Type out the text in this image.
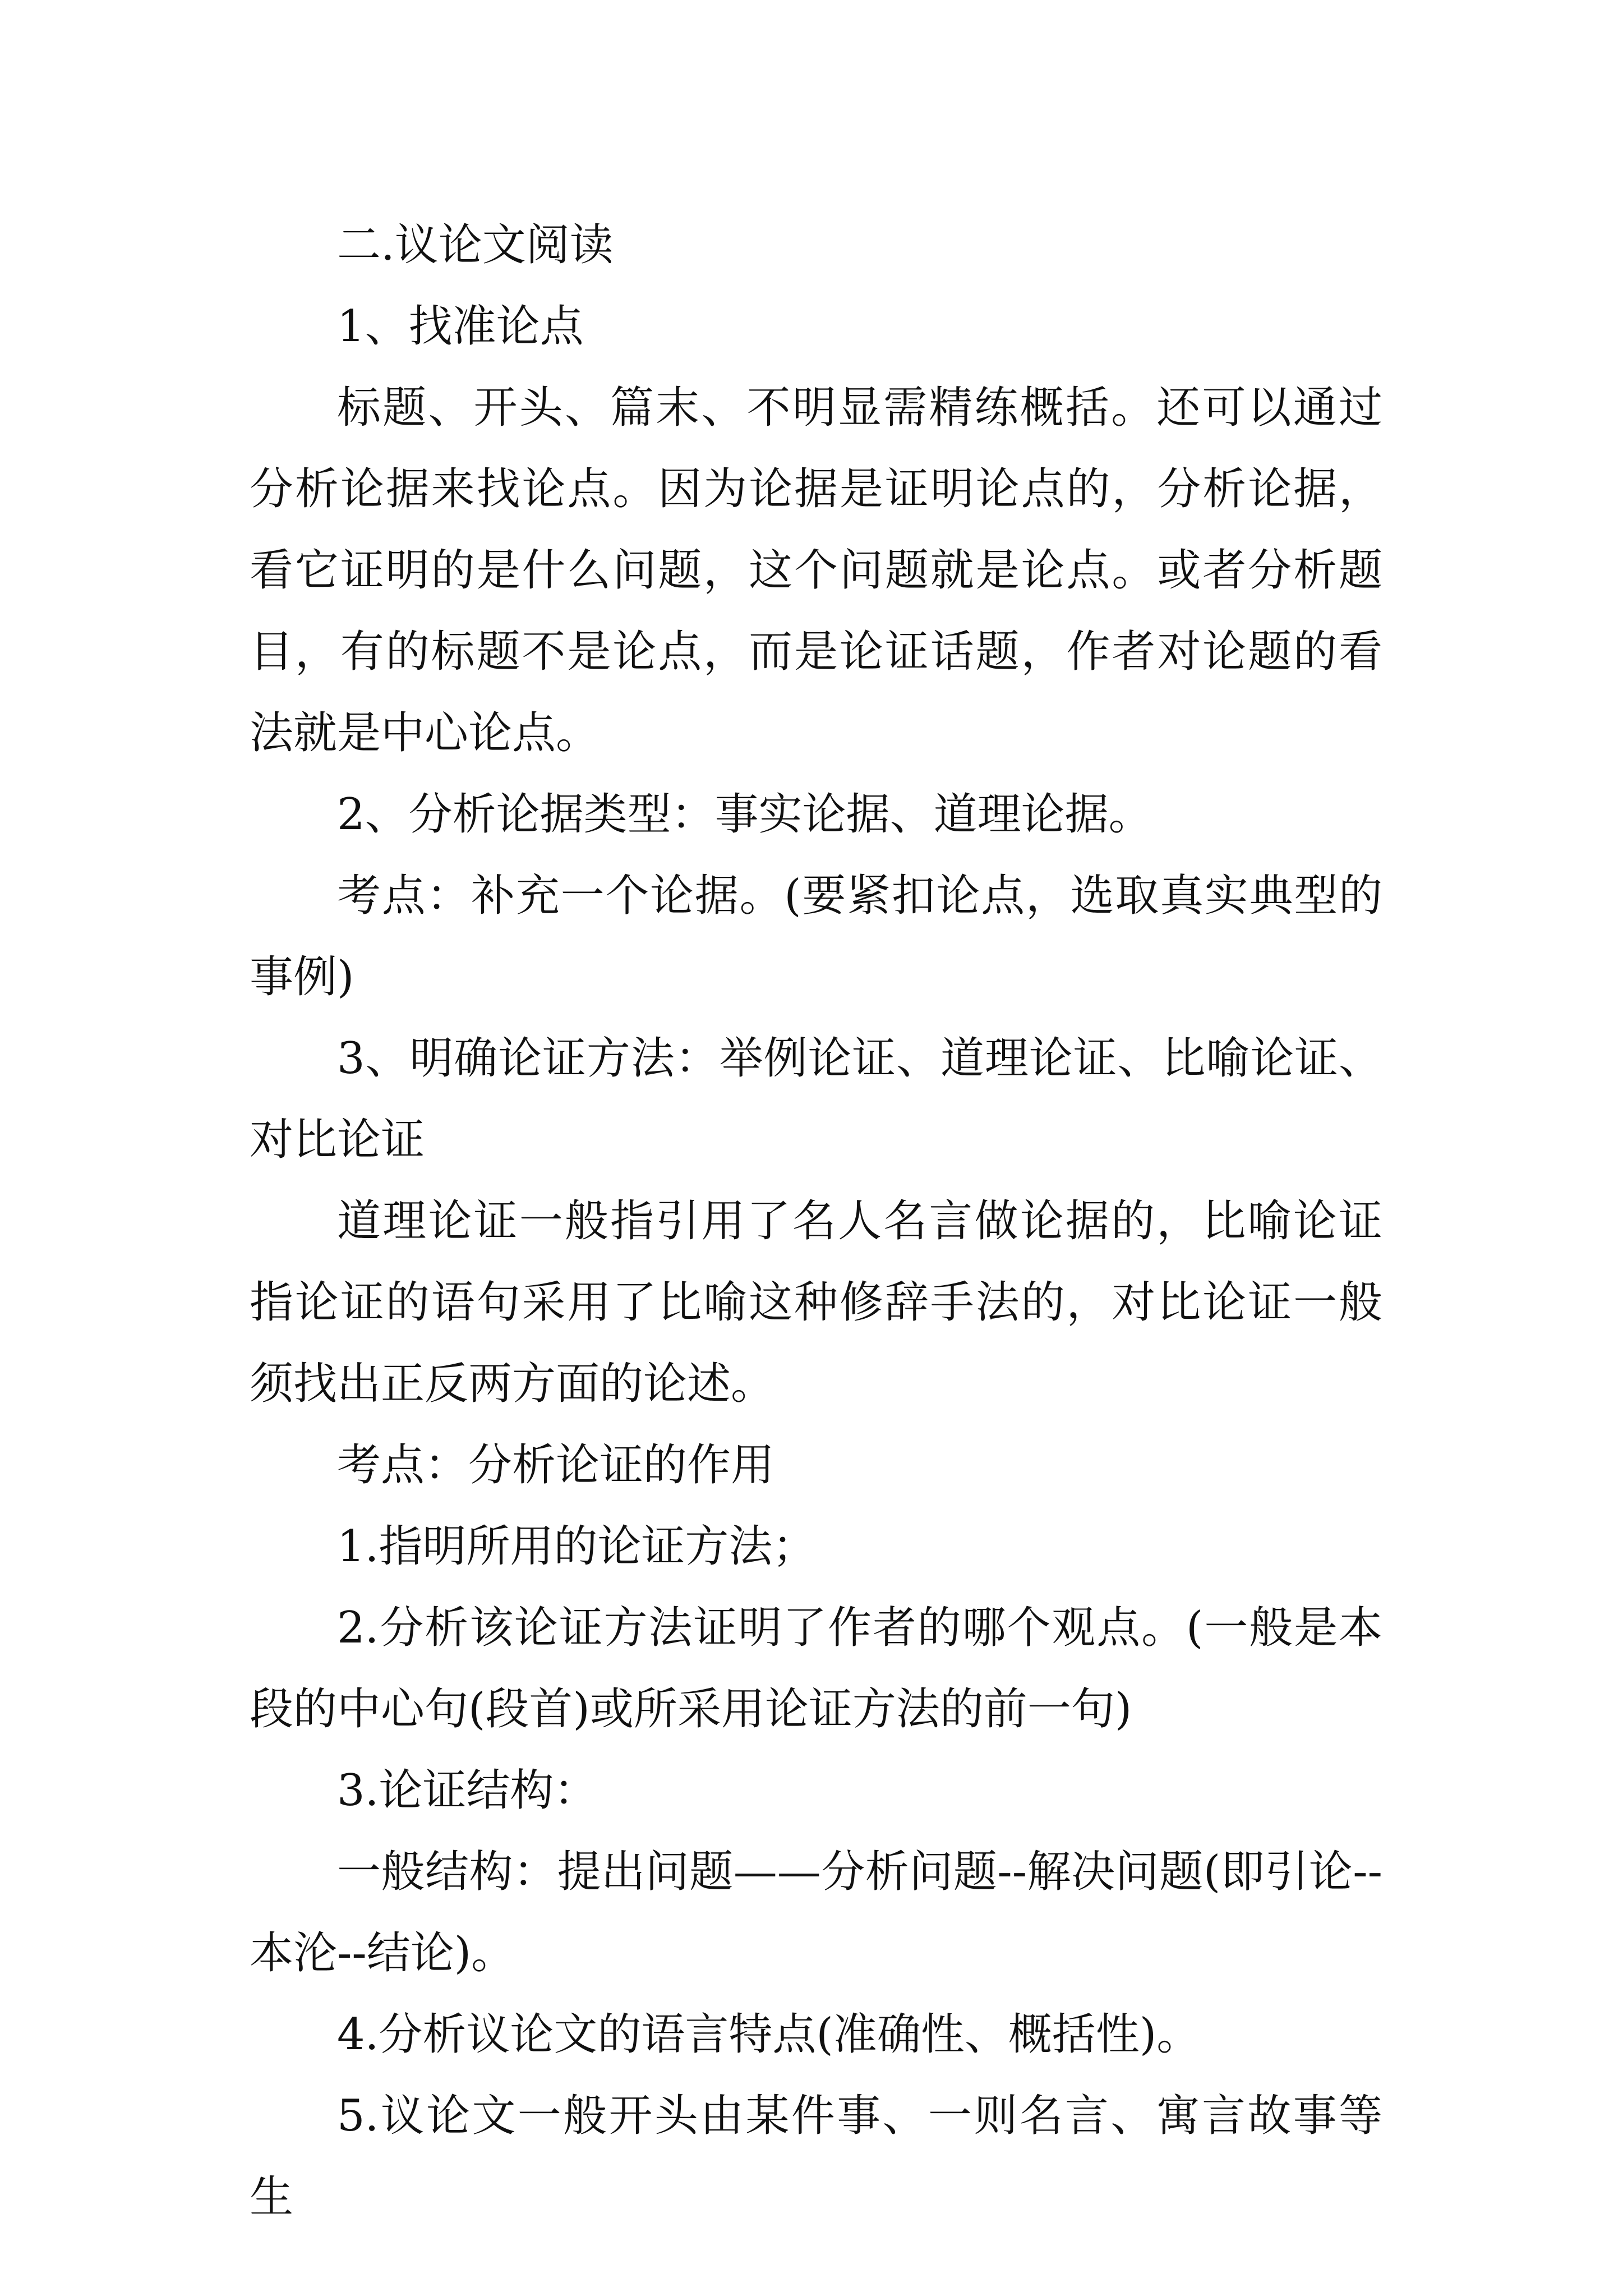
二.议论文阅读

1、找准论点

标题、开头、篇末、不明显需精练概括。还可以通过分析论据来找论点。因为论据是证明论点的，分析论据，看它证明的是什么问题，这个问题就是论点。或者分析题目，有的标题不是论点，而是论证话题，作者对论题的看法就是中心论点。

2、分析论据类型：事实论据、道理论据。

考点：补充一个论据。(要紧扣论点，选取真实典型的事例)

3、明确论证方法：举例论证、道理论证、比喻论证、对比论证

道理论证一般指引用了名人名言做论据的，比喻论证指论证的语句采用了比喻这种修辞手法的，对比论证一般须找出正反两方面的论述。

考点：分析论证的作用

1.指明所用的论证方法；

2.分析该论证方法证明了作者的哪个观点。(一般是本段的中心句(段首)或所采用论证方法的前一句)

3.论证结构：

一般结构：提出问题——分析问题--解决问题(即引论--本沦--结论)。

4.分析议论文的语言特点(准确性、概括性)。

5.议论文一般开头由某件事、一则名言、寓言故事等生
